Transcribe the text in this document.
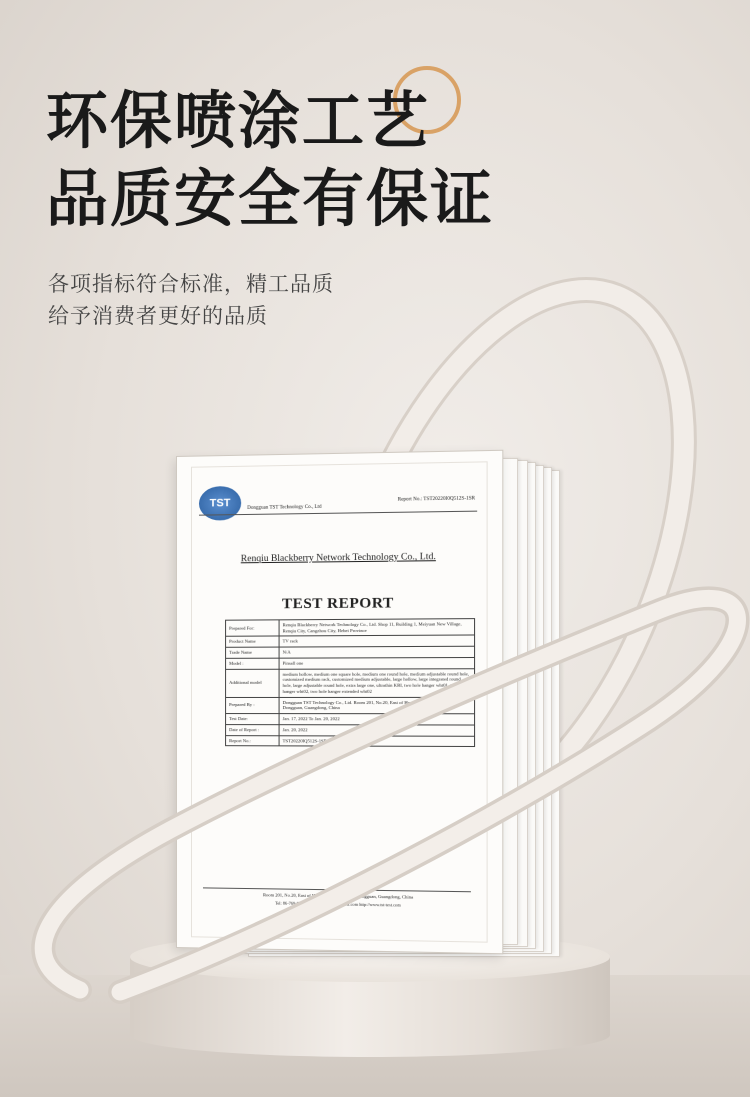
环保喷涂工艺
品质安全有保证
各项指标符合标准，精工品质
给予消费者更好的品质
TST	Dongguan TST Technology Co., Ltd
Report No.: TST20220I0Q512S-1SR
Renqiu Blackberry Network Technology Co., Ltd.
TEST REPORT
Prepared For:	Renqiu Blackberry Network Technology Co., Ltd. Shop 11, Building 1, Meiyuan New Village, Renqiu City, Cangzhou City, Hebei Province
Product Name	TV rack
Trade Name	N/A
Model :	Pinsall one
Additional model	medium hollow, medium one square hole, medium one round hole, medium adjustable round hole, customized medium rack, customized medium adjustable, large hollow, large integrated round hole, large adjustable round hole, extra large one, ultrathin KBI, two hole hanger wht01, two hole hanger wht02, two hole hanger extended wht02
Prepared By :	Dongguan TST Technology Co., Ltd. Room 201, No.20, East of Houjie Avenue, Houjie, Dongguan, Guangdong, China
Test Date:	Jan. 17, 2022 To Jan. 20, 2022
Date of Report :	Jan. 20, 2022
Report No.:	TST20220IQ512S-1SR
Room 201, No.20, East of Houjie Avenue, Houjie, Dongguan, Guangdong, China
Tel: 86-769-85008303 E-mail: tst@tst-test.com http://www.tst-test.com
